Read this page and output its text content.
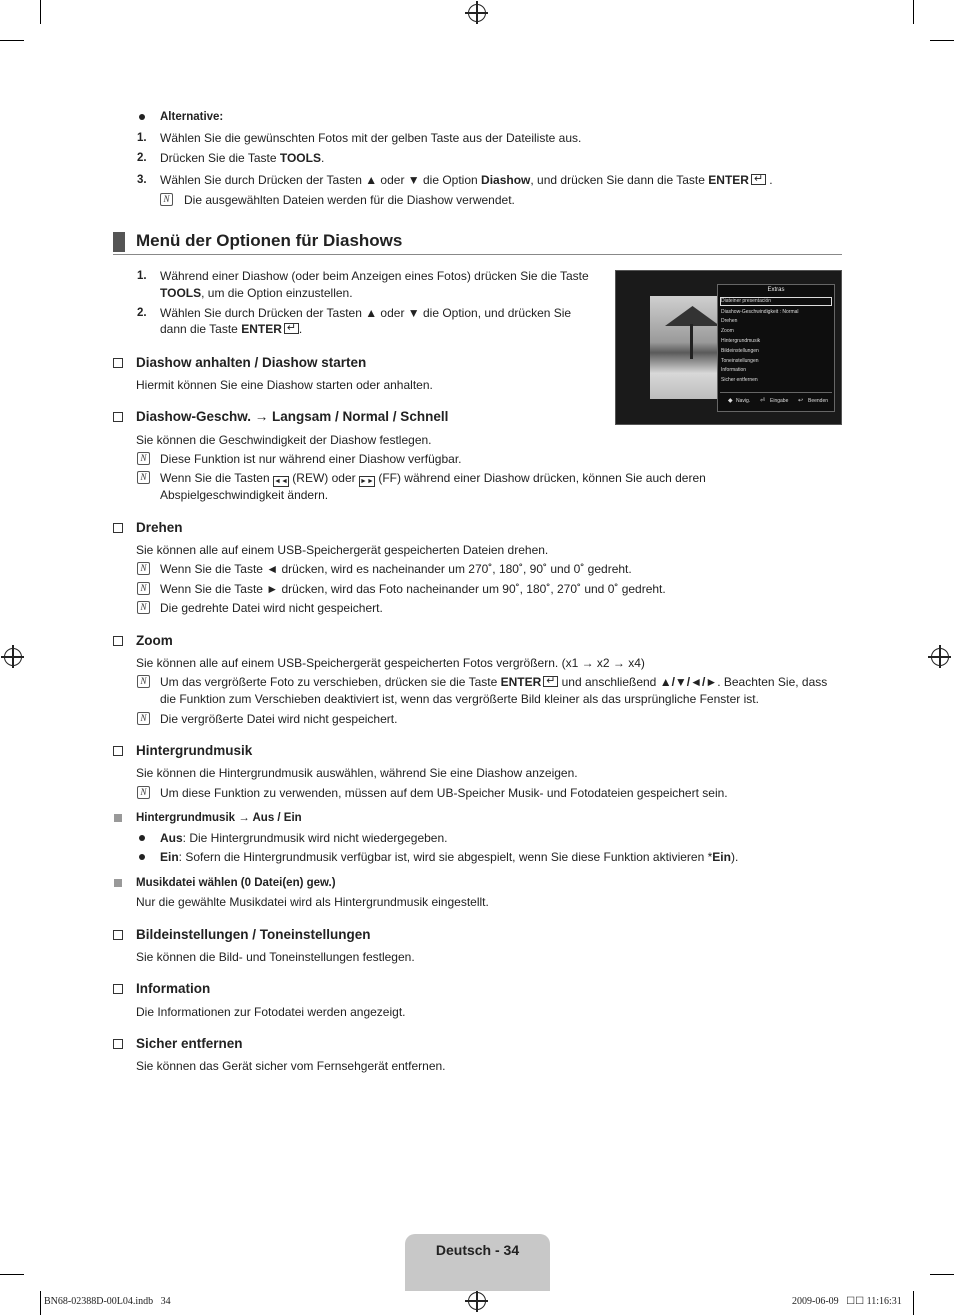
Alternative:
1. Wählen Sie die gewünschten Fotos mit der gelben Taste aus der Dateiliste aus.
2. Drücken Sie die Taste TOOLS.
3. Wählen Sie durch Drücken der Tasten ▲ oder ▼ die Option Diashow, und drücken Sie dann die Taste ENTER↵ .
N Die ausgewählten Dateien werden für die Diashow verwendet.
Menü der Optionen für Diashows
1. Während einer Diashow (oder beim Anzeigen eines Fotos) drücken Sie die Taste
TOOLS, um die Option einzustellen.
2. Wählen Sie durch Drücken der Tasten ▲ oder ▼ die Option, und drücken Sie
dann die Taste ENTER↵ .
Extras
Diateiner presentación
Diashow-Geschwindigkeit : Normal
Drehen
Zoom
Hintergrundmusik
Bildeinstellungen
Toneinstellungen
Information
Sicher entfernen
◆ Navig. ⏎ Eingabe ↩ Beenden
Diashow anhalten / Diashow starten
Hiermit können Sie eine Diashow starten oder anhalten.
Diashow-Geschw. → Langsam / Normal / Schnell
Sie können die Geschwindigkeit der Diashow festlegen.
N Diese Funktion ist nur während einer Diashow verfügbar.
N Wenn Sie die Tasten ◄◄ (REW) oder ►► (FF) während einer Diashow drücken, können Sie auch deren
Abspielgeschwindigkeit ändern.
Drehen
Sie können alle auf einem USB-Speichergerät gespeicherten Dateien drehen.
N Wenn Sie die Taste ◄ drücken, wird es nacheinander um 270˚, 180˚, 90˚ und 0˚ gedreht.
N Wenn Sie die Taste ► drücken, wird das Foto nacheinander um 90˚, 180˚, 270˚ und 0˚ gedreht.
N Die gedrehte Datei wird nicht gespeichert.
Zoom
Sie können alle auf einem USB-Speichergerät gespeicherten Fotos vergrößern. (x1 → x2 → x4)
N Um das vergrößerte Foto zu verschieben, drücken sie die Taste ENTER↵ und anschließend ▲/▼/◄/►. Beachten Sie, dass
die Funktion zum Verschieben deaktiviert ist, wenn das vergrößerte Bild kleiner als das ursprüngliche Fenster ist.
N Die vergrößerte Datei wird nicht gespeichert.
Hintergrundmusik
Sie können die Hintergrundmusik auswählen, während Sie eine Diashow anzeigen.
N Um diese Funktion zu verwenden, müssen auf dem UB-Speicher Musik- und Fotodateien gespeichert sein.
Hintergrundmusik → Aus / Ein
Aus: Die Hintergrundmusik wird nicht wiedergegeben.
Ein: Sofern die Hintergrundmusik verfügbar ist, wird sie abgespielt, wenn Sie diese Funktion aktivieren *Ein).
Musikdatei wählen (0 Datei(en) gew.)
Nur die gewählte Musikdatei wird als Hintergrundmusik eingestellt.
Bildeinstellungen / Toneinstellungen
Sie können die Bild- und Toneinstellungen festlegen.
Information
Die Informationen zur Fotodatei werden angezeigt.
Sicher entfernen
Sie können das Gerät sicher vom Fernsehgerät entfernen.
Deutsch - 34
BN68-02388D-00L04.indb   34	2009-06-09   ☐☐ 11:16:31
